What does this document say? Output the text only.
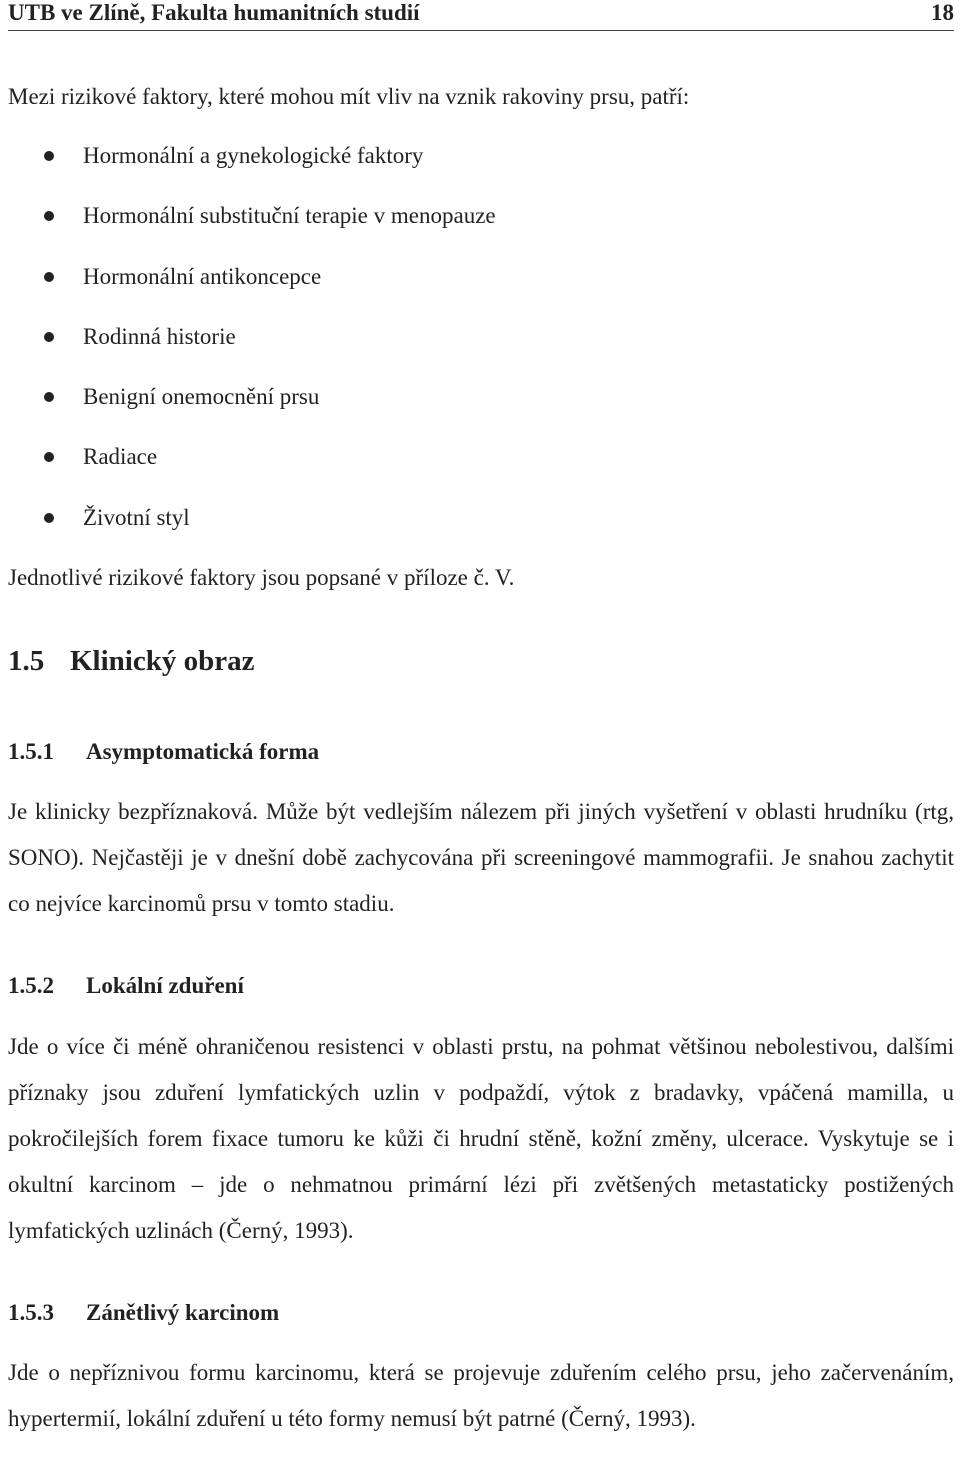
UTB ve Zlíně, Fakulta humanitních studií	18

Mezi rizikové faktory, které mohou mít vliv na vznik rakoviny prsu, patří:

Hormonální a gynekologické faktory
Hormonální substituční terapie v menopauze
Hormonální antikoncepce
Rodinná historie
Benigní onemocnění prsu
Radiace
Životní styl

Jednotlivé rizikové faktory jsou popsané v příloze č. V.

1.5 Klinický obraz
1.5.1 Asymptomatická forma

Je klinicky bezpříznaková. Může být vedlejším nálezem při jiných vyšetření v oblasti hrudníku (rtg, SONO). Nejčastěji je v dnešní době zachycována při screeningové mammografii. Je snahou zachytit co nejvíce karcinomů prsu v tomto stadiu.

1.5.2 Lokální zduření

Jde o více či méně ohraničenou resistenci v oblasti prstu, na pohmat většinou nebolestivou, dalšími příznaky jsou zduření lymfatických uzlin v podpaždí, výtok z bradavky, vpáčená mamilla, u pokročilejších forem fixace tumoru ke kůži či hrudní stěně, kožní změny, ulcerace. Vyskytuje se i okultní karcinom – jde o nehmatnou primární lézi při zvětšených metastaticky postižených lymfatických uzlinách (Černý, 1993).

1.5.3 Zánětlivý karcinom

Jde o nepříznivou formu karcinomu, která se projevuje zduřením celého prsu, jeho začervenáním, hypertermií, lokální zduření u této formy nemusí být patrné (Černý, 1993).
